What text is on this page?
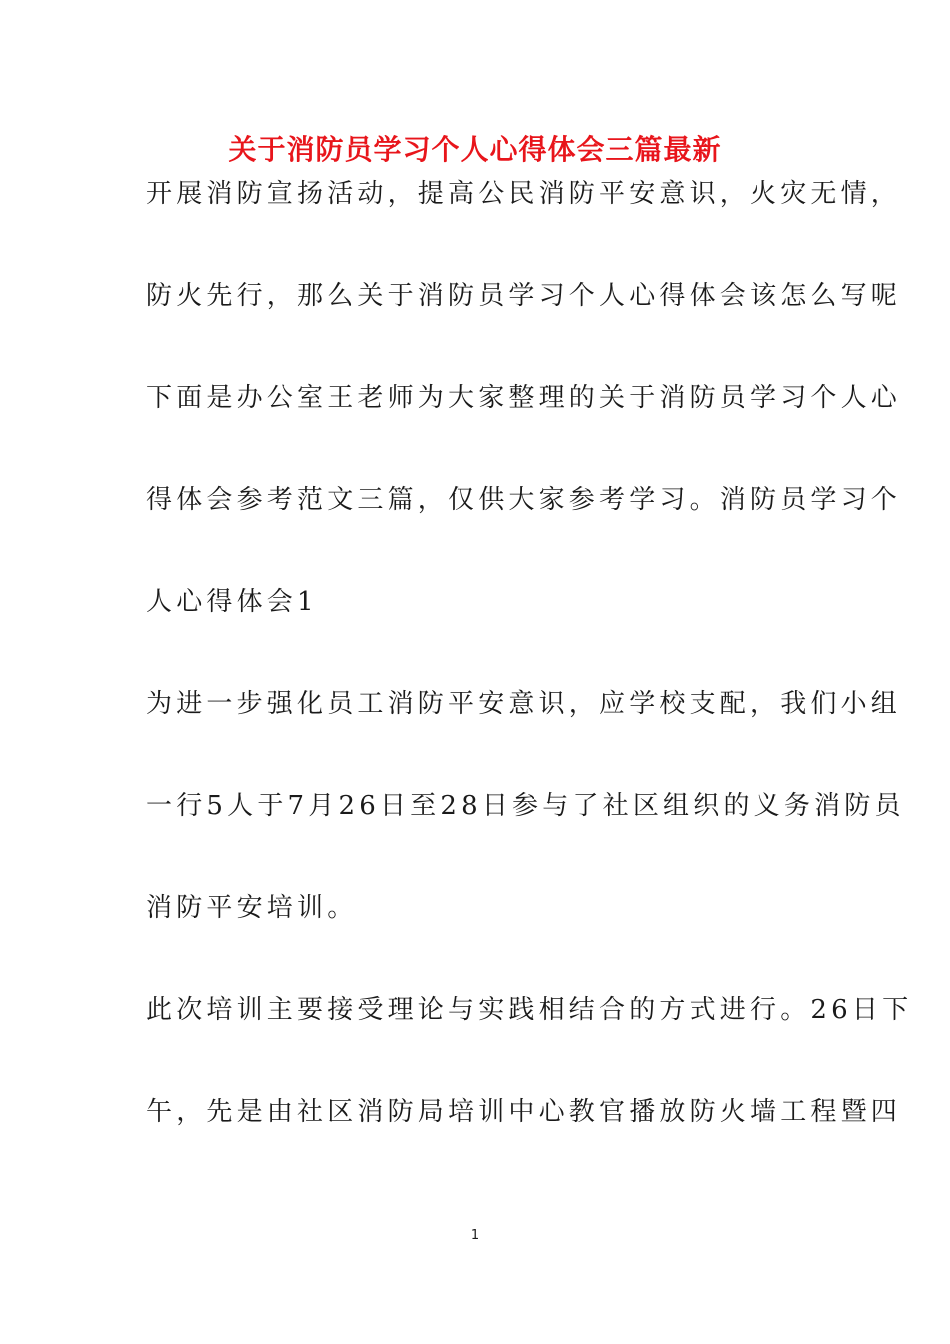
关于消防员学习个人心得体会三篇最新
开展消防宣扬活动，提高公民消防平安意识，火灾无情，
防火先行，那么关于消防员学习个人心得体会该怎么写呢
下面是办公室王老师为大家整理的关于消防员学习个人心
得体会参考范文三篇，仅供大家参考学习。消防员学习个
人心得体会1
为进一步强化员工消防平安意识，应学校支配，我们小组
一行5人于7月26日至28日参与了社区组织的义务消防员
消防平安培训。
此次培训主要接受理论与实践相结合的方式进行。26日下
午，先是由社区消防局培训中心教官播放防火墙工程暨四
1
